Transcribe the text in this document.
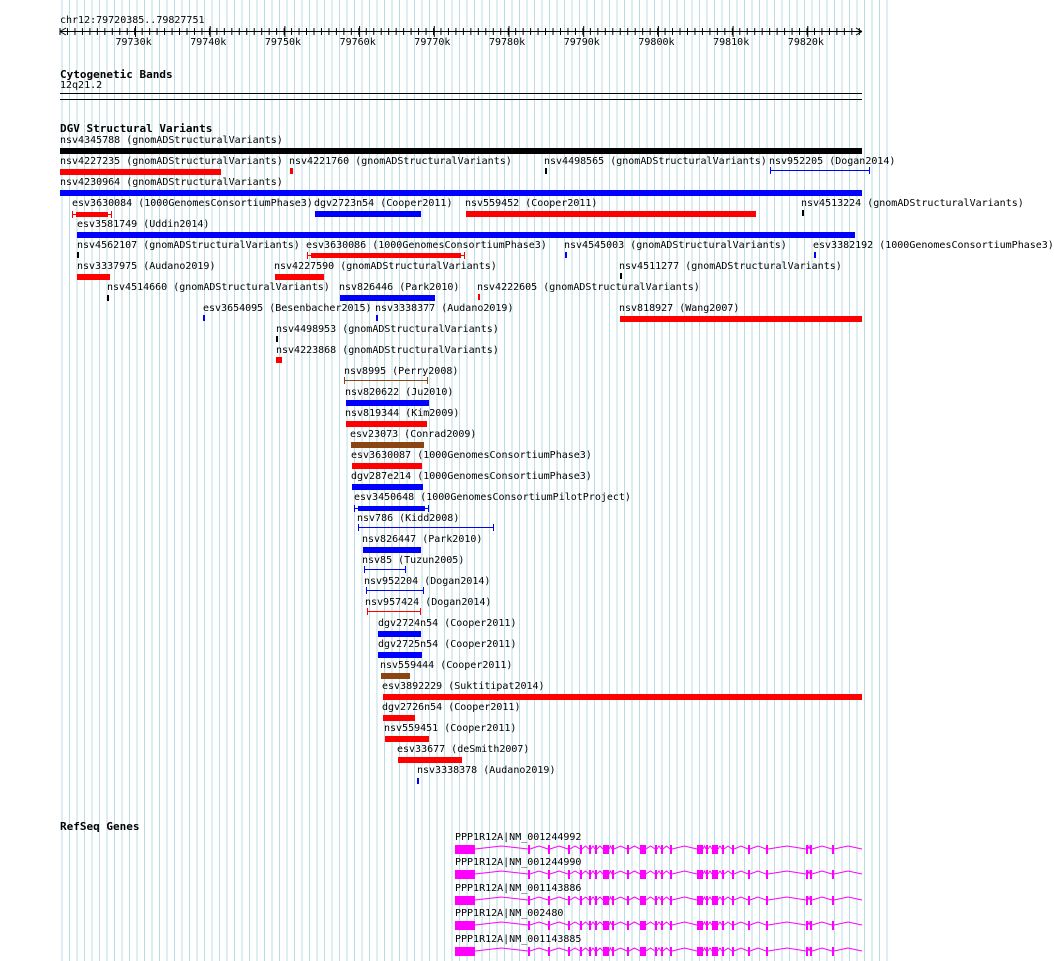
chr12:79720385..79827751
79730k	79740k	79750k	79760k	79770k	79780k	79790k	79800k	79810k	79820k
Cytogenetic Bands
12q21.2
DGV Structural Variants
nsv4345788 (gnomADStructuralVariants)
nsv4227235 (gnomADStructuralVariants) nsv4221760 (gnomADStructuralVariants)	nsv4498565 (gnomADStructuralVariants) nsv952205 (Dogan2014)
nsv4230964 (gnomADStructuralVariants)
esv3630084 (1000GenomesConsortiumPhase3) dgv2723n54 (Cooper2011) nsv559452 (Cooper2011)	nsv4513224 (gnomADStructuralVariants)
esv3581749 (Uddin2014)
nsv4562107 (gnomADStructuralVariants) esv3630086 (1000GenomesConsortiumPhase3) nsv4545003 (gnomADStructuralVariants)	esv3382192 (1000GenomesConsortiumPhase3)
nsv3337975 (Audano2019)	nsv4227590 (gnomADStructuralVariants)	nsv4511277 (gnomADStructuralVariants)
nsv4514660 (gnomADStructuralVariants) nsv826446 (Park2010) nsv4222605 (gnomADStructuralVariants)
esv3654095 (Besenbacher2015) nsv3338377 (Audano2019)	nsv818927 (Wang2007)
nsv4498953 (gnomADStructuralVariants)
nsv4223868 (gnomADStructuralVariants)
nsv8995 (Perry2008)
nsv820622 (Ju2010)
nsv819344 (Kim2009)
esv23073 (Conrad2009)
esv3630087 (1000GenomesConsortiumPhase3)
dgv287e214 (1000GenomesConsortiumPhase3)
esv3450648 (1000GenomesConsortiumPilotProject)
nsv786 (Kidd2008)
nsv826447 (Park2010)
nsv85 (Tuzun2005)
nsv952204 (Dogan2014)
nsv957424 (Dogan2014)
dgv2724n54 (Cooper2011)
dgv2725n54 (Cooper2011)
nsv559444 (Cooper2011)
esv3892229 (Suktitipat2014)
dgv2726n54 (Cooper2011)
nsv559451 (Cooper2011)
esv33677 (deSmith2007)
nsv3338378 (Audano2019)
RefSeq Genes
PPP1R12A|NM_001244992
PPP1R12A|NM_001244990
PPP1R12A|NM_001143886
PPP1R12A|NM_002480
PPP1R12A|NM_001143885
